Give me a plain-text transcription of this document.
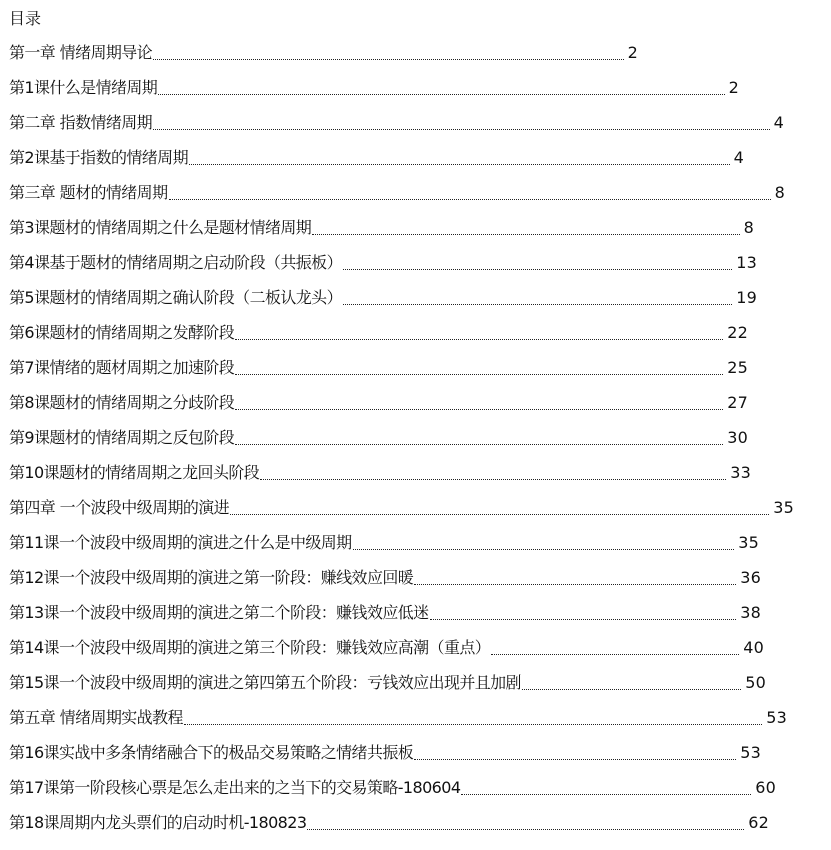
目录
第一章 情绪周期导论	2
第1课什么是情绪周期	2
第二章 指数情绪周期	4
第2课基于指数的情绪周期	4
第三章 题材的情绪周期	8
第3课题材的情绪周期之什么是题材情绪周期	8
第4课基于题材的情绪周期之启动阶段（共振板）	13
第5课题材的情绪周期之确认阶段（二板认龙头）	19
第6课题材的情绪周期之发酵阶段	22
第7课情绪的题材周期之加速阶段	25
第8课题材的情绪周期之分歧阶段	27
第9课题材的情绪周期之反包阶段	30
第10课题材的情绪周期之龙回头阶段	33
第四章 一个波段中级周期的演进	35
第11课一个波段中级周期的演进之什么是中级周期	35
第12课一个波段中级周期的演进之第一阶段：赚线效应回暖	36
第13课一个波段中级周期的演进之第二个阶段：赚钱效应低迷	38
第14课一个波段中级周期的演进之第三个阶段：赚钱效应高潮（重点）	40
第15课一个波段中级周期的演进之第四第五个阶段：亏钱效应出现并且加剧	50
第五章 情绪周期实战教程	53
第16课实战中多条情绪融合下的极品交易策略之情绪共振板	53
第17课第一阶段核心票是怎么走出来的之当下的交易策略-180604	60
第18课周期内龙头票们的启动时机-180823	62
